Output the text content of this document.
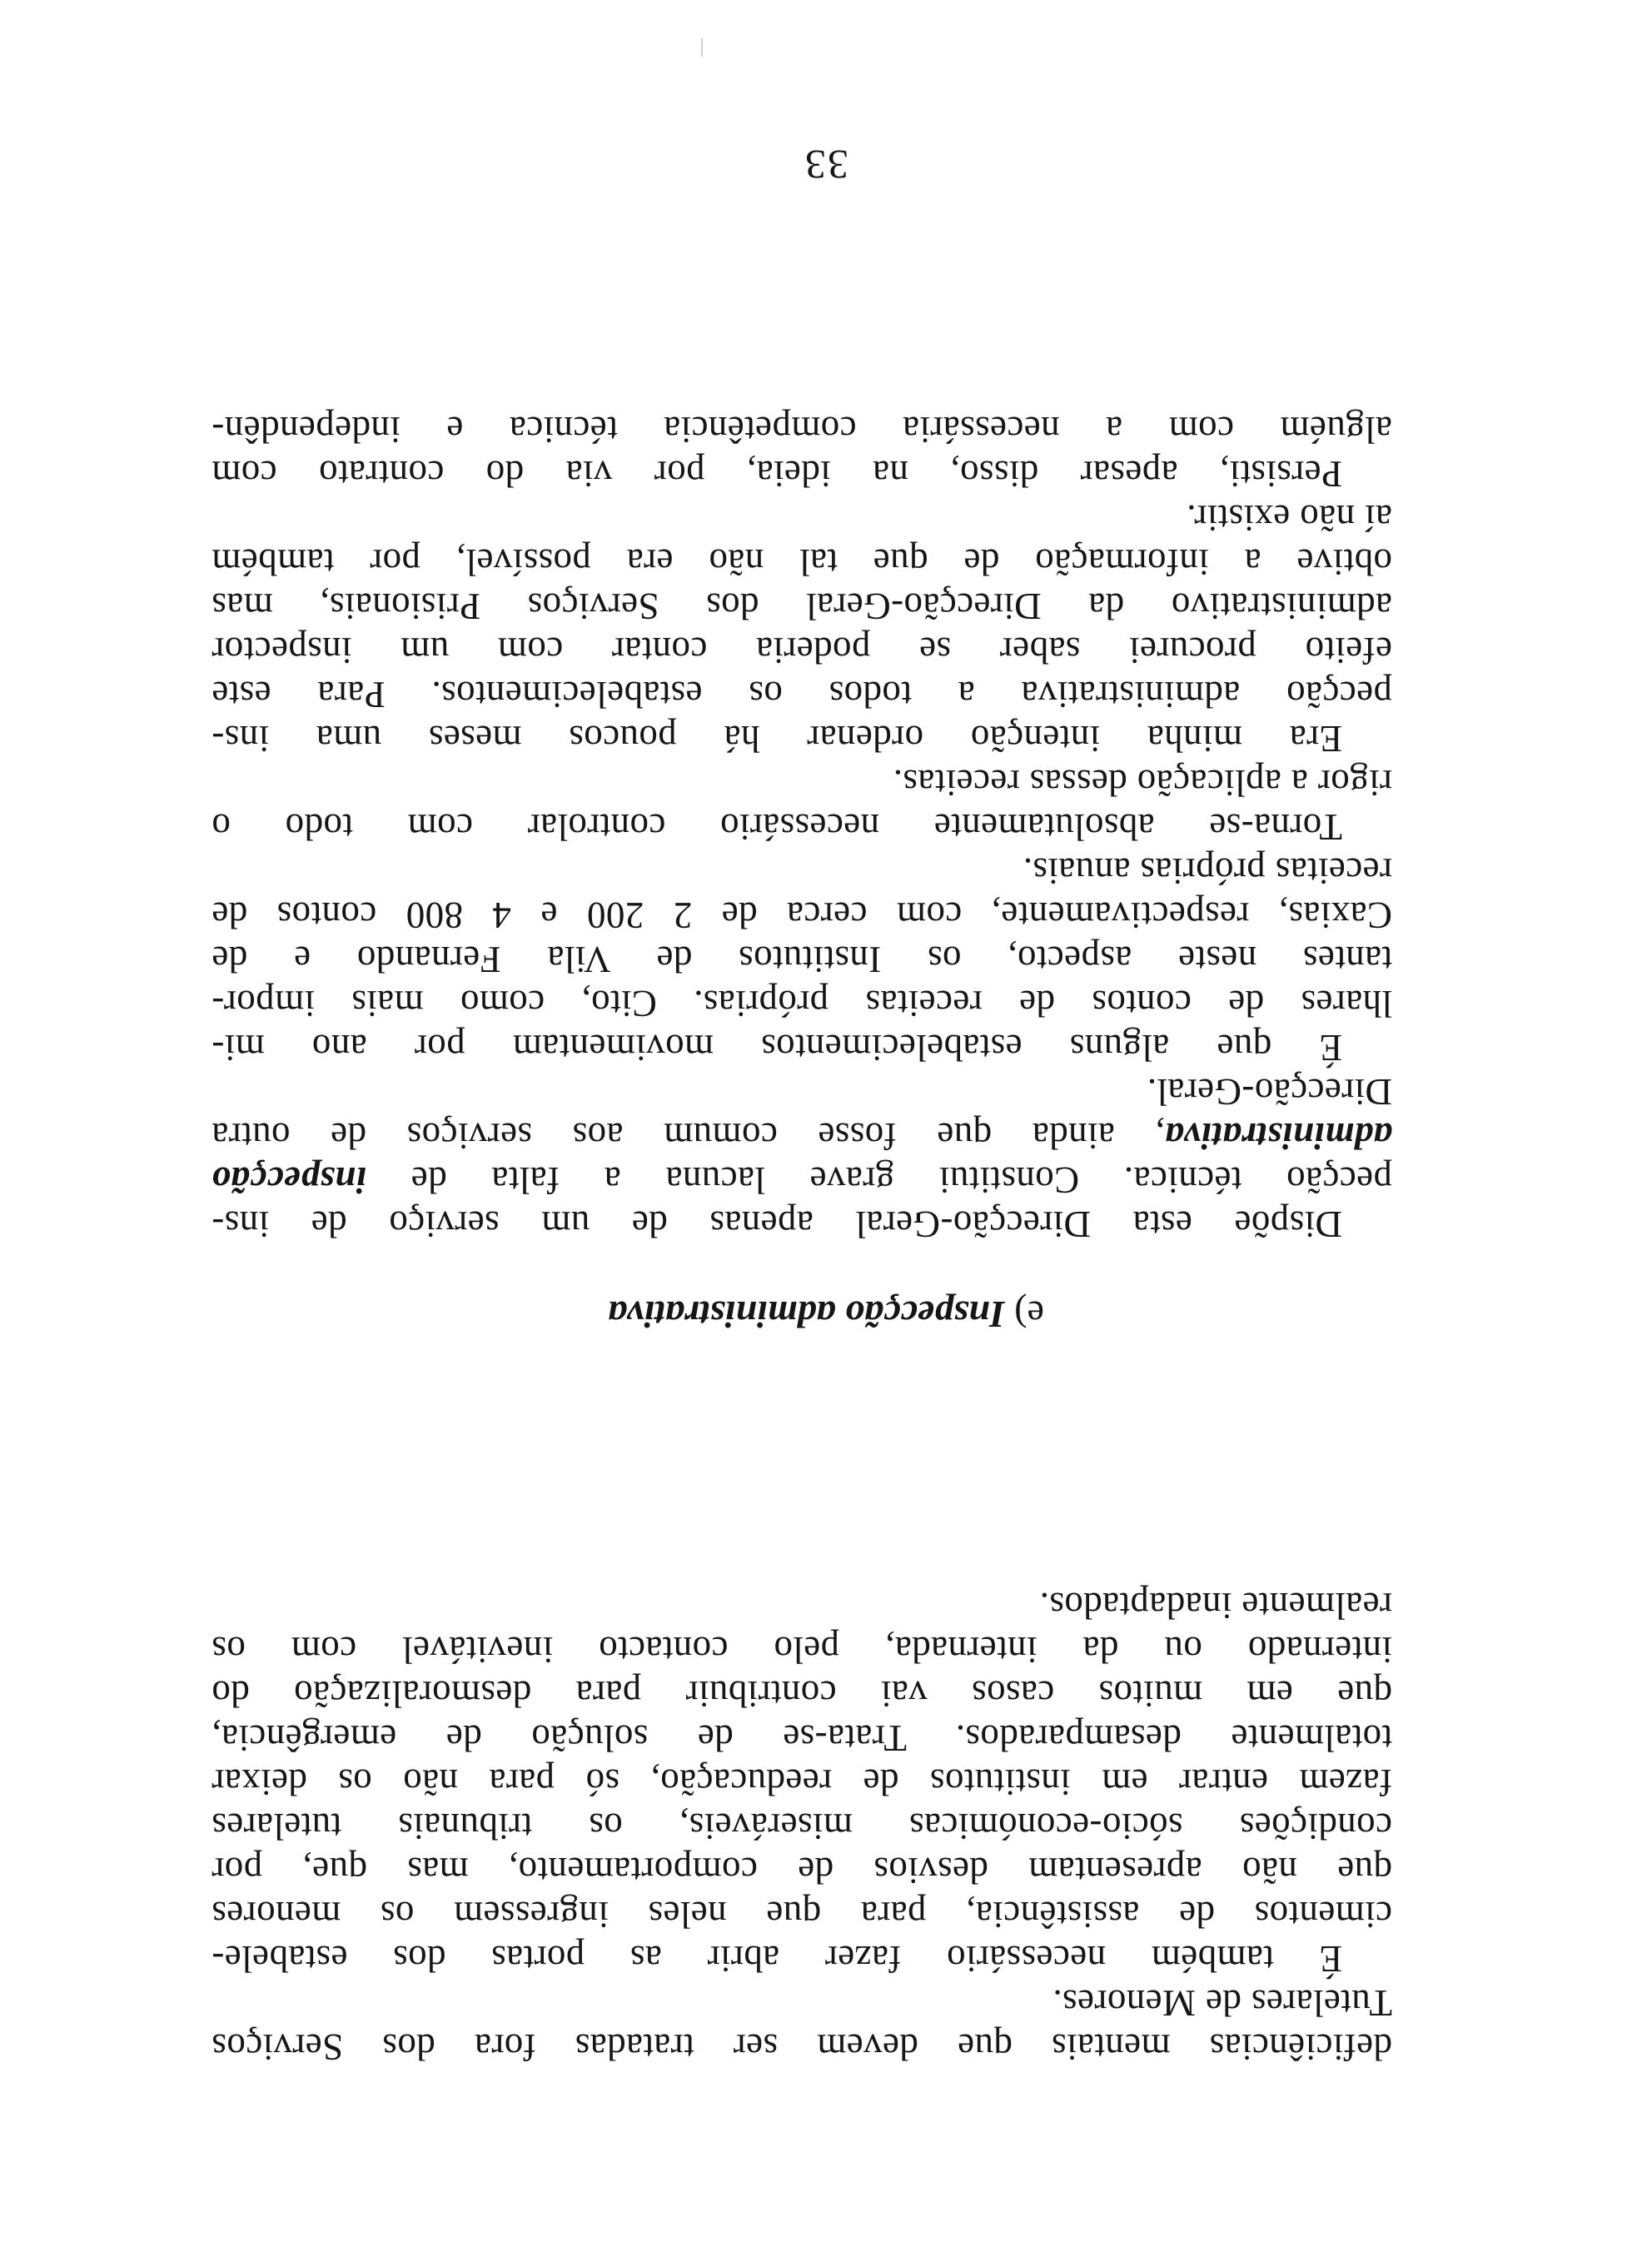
deficiências mentais que devem ser tratadas fora dos Serviços
Tutelares de Menores.
É também necessário fazer abrir as portas dos estabele-
cimentos de assistência, para que neles ingressem os menores
que não apresentam desvios de comportamento, mas que, por
condições sócio-económicas miseráveis, os tribunais tutelares
fazem entrar em institutos de reeducação, só para não os deixar
totalmente desamparados. Trata-se de solução de emergência,
que em muitos casos vai contribuir para desmoralização do
internado ou da internada, pelo contacto inevitável com os
realmente inadaptados.
e) Inspecção administrativa
Dispõe esta Direcção-Geral apenas de um serviço de ins-
pecção técnica. Constitui grave lacuna a falta de inspecção
administrativa, ainda que fosse comum aos serviços de outra
Direcção-Geral.
É que alguns estabelecimentos movimentam por ano mi-
lhares de contos de receitas próprias. Cito, como mais impor-
tantes neste aspecto, os Institutos de Vila Fernando e de
Caxias, respectivamente, com cerca de 2 200 e 4 800 contos de
receitas próprias anuais.
Torna-se absolutamente necessário controlar com todo o
rigor a aplicação dessas receitas.
Era minha intenção ordenar há poucos meses uma ins-
pecção administrativa a todos os estabelecimentos. Para este
efeito procurei saber se poderia contar com um inspector
administrativo da Direcção-Geral dos Serviços Prisionais, mas
obtive a informação de que tal não era possível, por também
aí não existir.
Persisti, apesar disso, na ideia, por via do contrato com
alguém com a necessária competência técnica e independên-
33
